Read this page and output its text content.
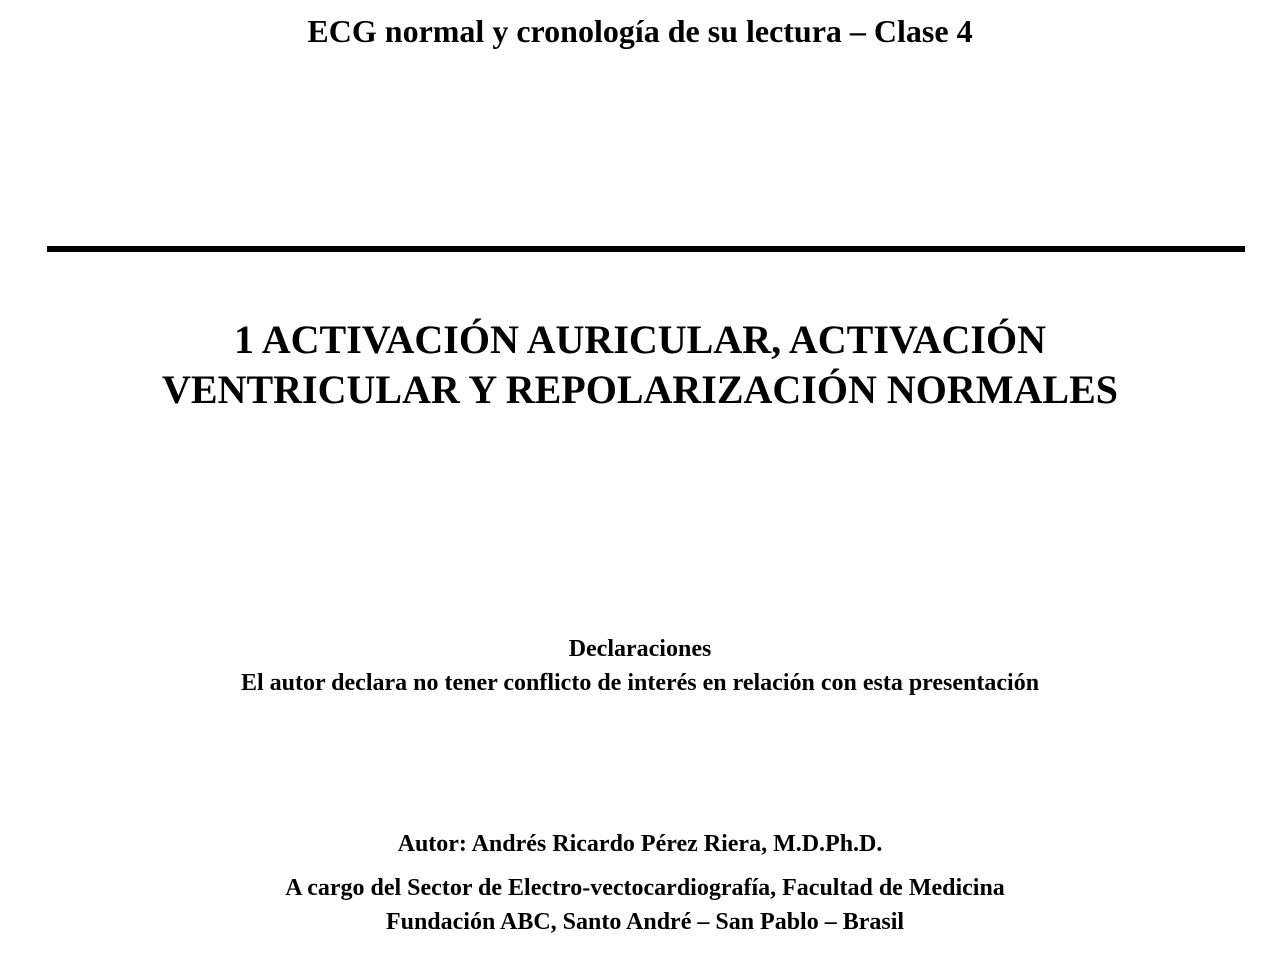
ECG normal y cronología de su lectura – Clase 4
1 ACTIVACIÓN AURICULAR, ACTIVACIÓN
VENTRICULAR Y REPOLARIZACIÓN NORMALES
Declaraciones
El autor declara no tener conflicto de interés en relación con esta presentación
Autor: Andrés Ricardo Pérez Riera, M.D.Ph.D.
A cargo del Sector de Electro-vectocardiografía, Facultad de Medicina
Fundación ABC, Santo André – San Pablo – Brasil
